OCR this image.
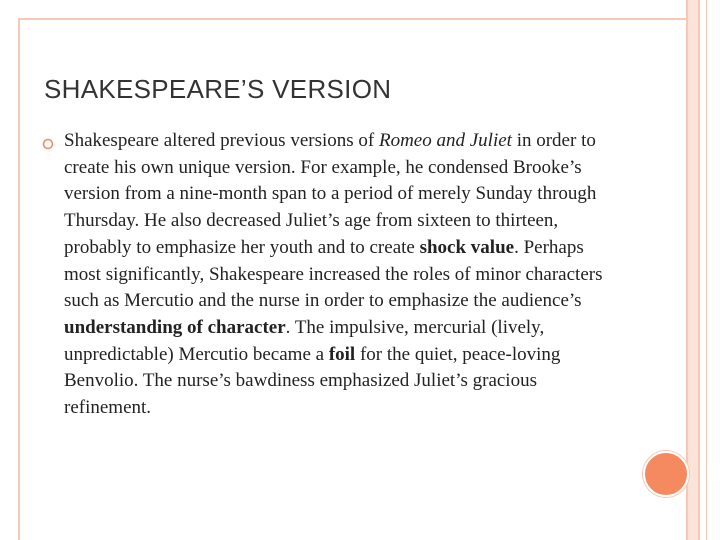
SHAKESPEARE’S VERSION
Shakespeare altered previous versions of Romeo and Juliet in order to create his own unique version. For example, he condensed Brooke’s version from a nine-month span to a period of merely Sunday through Thursday. He also decreased Juliet’s age from sixteen to thirteen, probably to emphasize her youth and to create shock value. Perhaps most significantly, Shakespeare increased the roles of minor characters such as Mercutio and the nurse in order to emphasize the audience’s understanding of character. The impulsive, mercurial (lively, unpredictable) Mercutio became a foil for the quiet, peace-loving Benvolio. The nurse’s bawdiness emphasized Juliet’s gracious refinement.
